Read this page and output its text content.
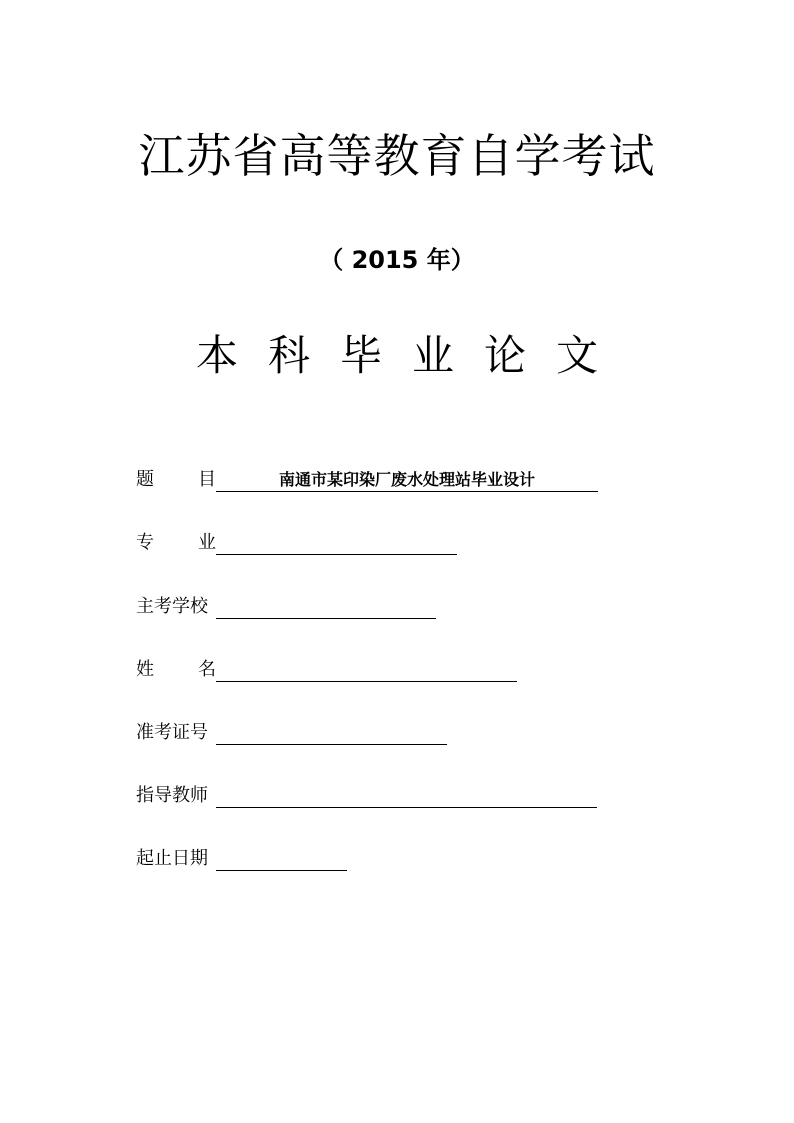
江苏省高等教育自学考试
（ 2015 年）
本科毕业论文
题 目	南通市某印染厂废水处理站毕业设计
专 业
主考学校
姓 名
准考证号
指导教师
起止日期
